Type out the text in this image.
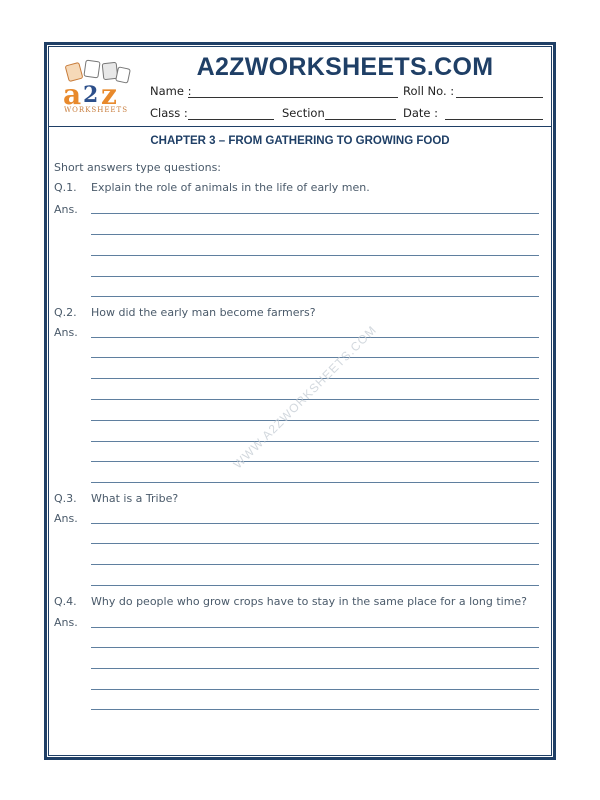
a 2 z
WORKSHEETS
A2ZWORKSHEETS.COM
Name :	Roll No. :
Class :	Section	Date :
CHAPTER 3 – FROM GATHERING TO GROWING FOOD
Short answers type questions:
Q.1. Explain the role of animals in the life of early men.
Ans.
Q.2. How did the early man become farmers?
Ans.
Q.3. What is a Tribe?
Ans.
Q.4. Why do people who grow crops have to stay in the same place for a long time?
Ans.
WWW.A2ZWORKSHEETS.COM
